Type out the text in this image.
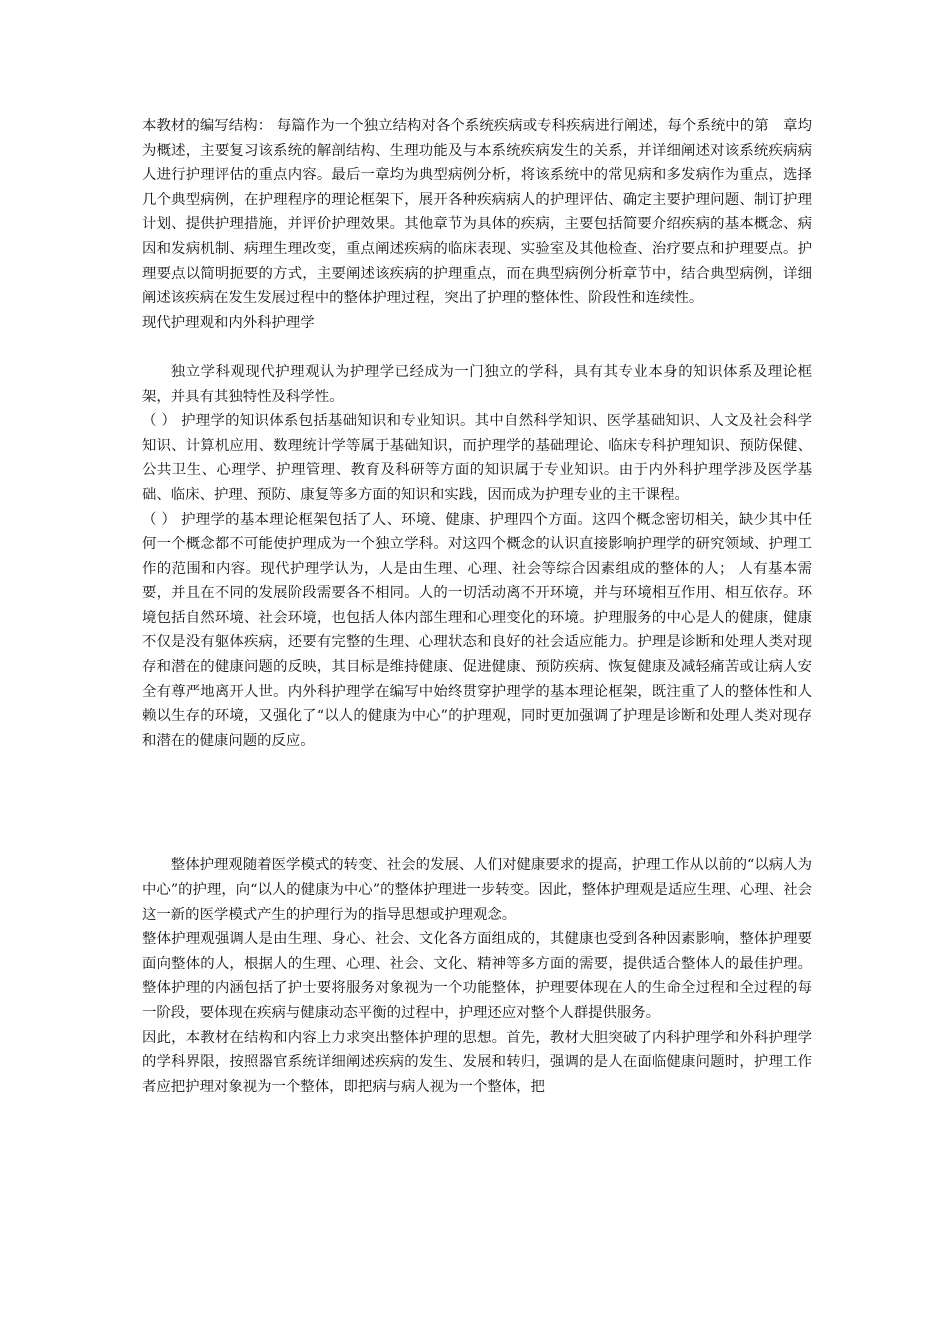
本教材的编写结构： 每篇作为一个独立结构对各个系统疾病或专科疾病进行阐述，每个系统中的第　章均为概述，主要复习该系统的解剖结构、生理功能及与本系统疾病发生的关系，并详细阐述对该系统疾病病人进行护理评估的重点内容。最后一章均为典型病例分析，将该系统中的常见病和多发病作为重点，选择几个典型病例，在护理程序的理论框架下，展开各种疾病病人的护理评估、确定主要护理问题、制订护理计划、提供护理措施，并评价护理效果。其他章节为具体的疾病，主要包括简要介绍疾病的基本概念、病因和发病机制、病理生理改变，重点阐述疾病的临床表现、实验室及其他检查、治疗要点和护理要点。护理要点以简明扼要的方式，主要阐述该疾病的护理重点，而在典型病例分析章节中，结合典型病例，详细阐述该疾病在发生发展过程中的整体护理过程，突出了护理的整体性、阶段性和连续性。

现代护理观和内外科护理学

独立学科观现代护理观认为护理学已经成为一门独立的学科，具有其专业本身的知识体系及理论框架，并具有其独特性及科学性。

（ ） 护理学的知识体系包括基础知识和专业知识。其中自然科学知识、医学基础知识、人文及社会科学知识、计算机应用、数理统计学等属于基础知识，而护理学的基础理论、临床专科护理知识、预防保健、公共卫生、心理学、护理管理、教育及科研等方面的知识属于专业知识。由于内外科护理学涉及医学基础、临床、护理、预防、康复等多方面的知识和实践，因而成为护理专业的主干课程。

（ ） 护理学的基本理论框架包括了人、环境、健康、护理四个方面。这四个概念密切相关，缺少其中任何一个概念都不可能使护理成为一个独立学科。对这四个概念的认识直接影响护理学的研究领域、护理工作的范围和内容。现代护理学认为，人是由生理、心理、社会等综合因素组成的整体的人； 人有基本需要，并且在不同的发展阶段需要各不相同。人的一切活动离不开环境，并与环境相互作用、相互依存。环境包括自然环境、社会环境，也包括人体内部生理和心理变化的环境。护理服务的中心是人的健康，健康不仅是没有躯体疾病，还要有完整的生理、心理状态和良好的社会适应能力。护理是诊断和处理人类对现存和潜在的健康问题的反映，其目标是维持健康、促进健康、预防疾病、恢复健康及减轻痛苦或让病人安全有尊严地离开人世。内外科护理学在编写中始终贯穿护理学的基本理论框架，既注重了人的整体性和人赖以生存的环境，又强化了“以人的健康为中心”的护理观，同时更加强调了护理是诊断和处理人类对现存和潜在的健康问题的反应。

整体护理观随着医学模式的转变、社会的发展、人们对健康要求的提高，护理工作从以前的“以病人为中心”的护理，向“以人的健康为中心”的整体护理进一步转变。因此，整体护理观是适应生理、心理、社会这一新的医学模式产生的护理行为的指导思想或护理观念。

整体护理观强调人是由生理、身心、社会、文化各方面组成的，其健康也受到各种因素影响，整体护理要面向整体的人，根据人的生理、心理、社会、文化、精神等多方面的需要，提供适合整体人的最佳护理。整体护理的内涵包括了护士要将服务对象视为一个功能整体，护理要体现在人的生命全过程和全过程的每一阶段，要体现在疾病与健康动态平衡的过程中，护理还应对整个人群提供服务。

因此，本教材在结构和内容上力求突出整体护理的思想。首先，教材大胆突破了内科护理学和外科护理学的学科界限，按照器官系统详细阐述疾病的发生、发展和转归，强调的是人在面临健康问题时，护理工作者应把护理对象视为一个整体，即把病与病人视为一个整体，把
